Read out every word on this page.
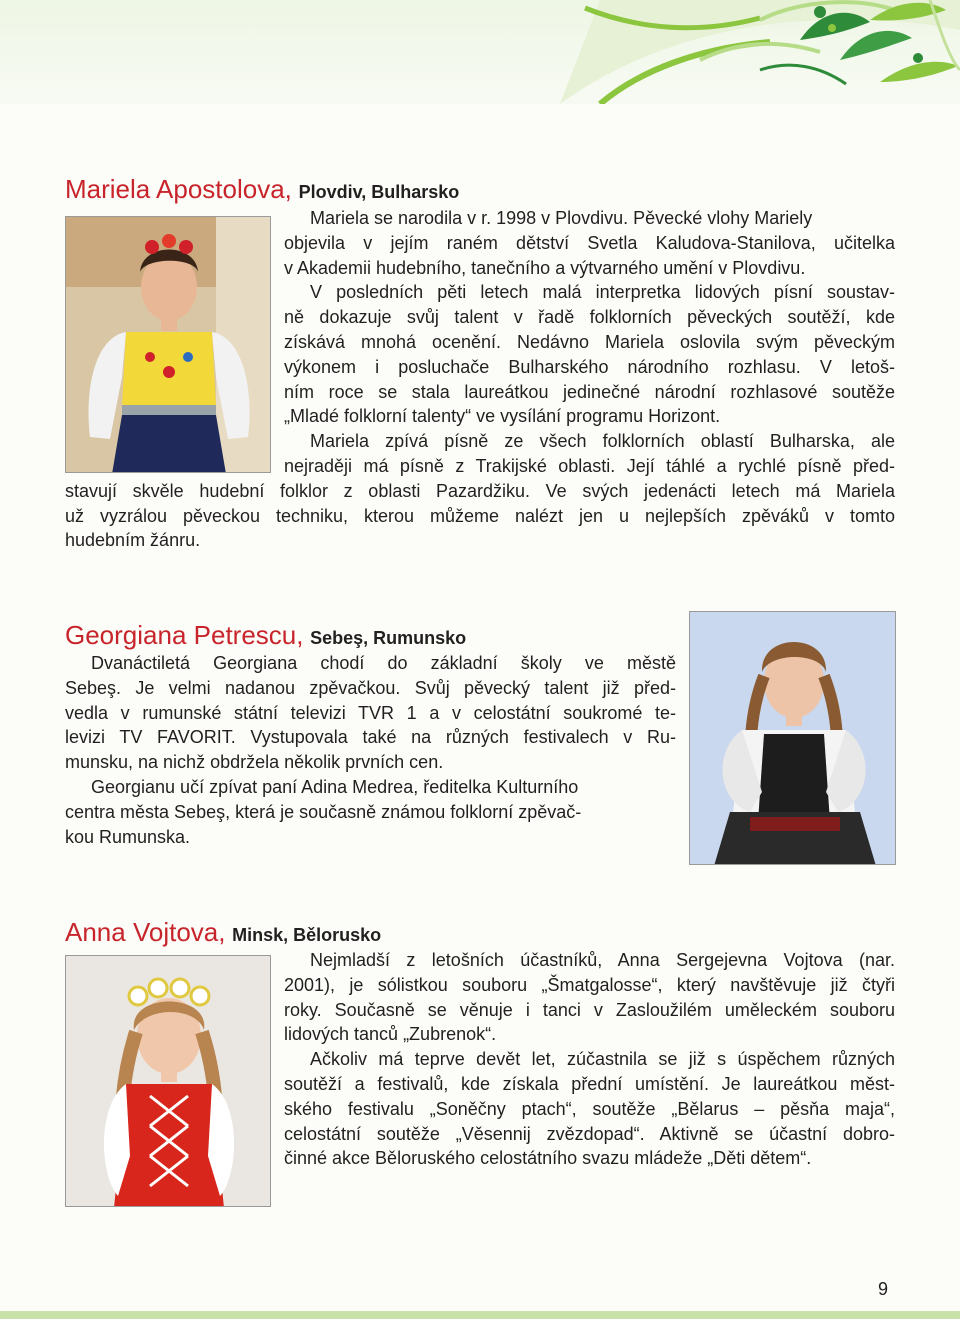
Mariela Apostolova, Plovdiv, Bulharsko
Mariela se narodila v r. 1998 v Plovdivu. Pěvecké vlohy Mariely
objevila v jejím raném dětství Svetla Kaludova-Stanilova, učitelka
v Akademii hudebního, tanečního a výtvarného umění v Plovdivu.
V posledních pěti letech malá interpretka lidových písní soustav-
ně dokazuje svůj talent v řadě folklorních pěveckých soutěží, kde
získává mnohá ocenění. Nedávno Mariela oslovila svým pěveckým
výkonem i posluchače Bulharského národního rozhlasu. V letoš-
ním roce se stala laureátkou jedinečné národní rozhlasové soutěže
„Mladé folklorní talenty“ ve vysílání programu Horizont.
Mariela zpívá písně ze všech folklorních oblastí Bulharska, ale
nejraději má písně z Trakijské oblasti. Její táhlé a rychlé písně před-
stavují skvěle hudební folklor z oblasti Pazardžiku. Ve svých jedenácti letech má Mariela
už vyzrálou pěveckou techniku, kterou můžeme nalézt jen u nejlepších zpěváků v tomto
hudebním žánru.
Georgiana Petrescu, Sebeş, Rumunsko
Dvanáctiletá Georgiana chodí do základní školy ve městě
Sebeş. Je velmi nadanou zpěvačkou. Svůj pěvecký talent již před-
vedla v rumunské státní televizi TVR 1 a v celostátní soukromé te-
levizi TV FAVORIT. Vystupovala také na různých festivalech v Ru-
munsku, na nichž obdržela několik prvních cen.
Georgianu učí zpívat paní Adina Medrea, ředitelka Kulturního
centra města Sebeş, která je současně známou folklorní zpěvač-
kou Rumunska.
Anna Vojtova, Minsk, Bělorusko
Nejmladší z letošních účastníků, Anna Sergejevna Vojtova (nar.
2001), je sólistkou souboru „Šmatgalosse“, který navštěvuje již čtyři
roky. Současně se věnuje i tanci v Zasloužilém uměleckém souboru
lidových tanců „Zubrenok“.
Ačkoliv má teprve devět let, zúčastnila se již s úspěchem různých
soutěží a festivalů, kde získala přední umístění. Je laureátkou měst-
ského festivalu „Soněčny ptach“, soutěže „Bělarus – pěsňa maja“,
celostátní soutěže „Věsennij zvězdopad“. Aktivně se účastní dobro-
činné akce Běloruského celostátního svazu mládeže „Děti dětem“.
9
